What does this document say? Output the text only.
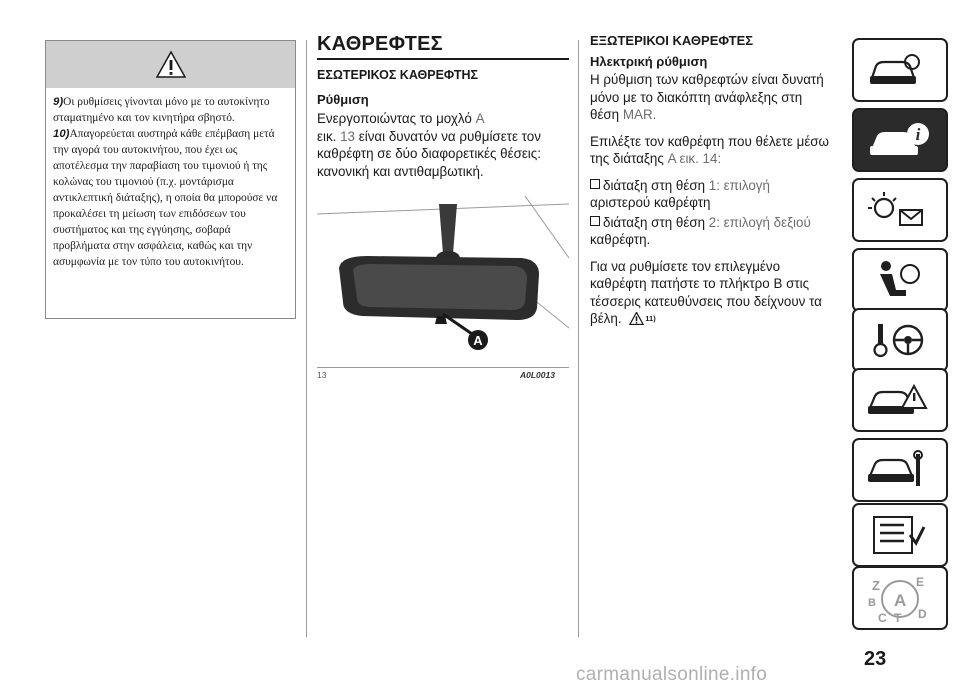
9)Οι ρυθμίσεις γίνονται μόνο με το αυτοκίνητο σταματημένο και τον κινητήρα σβηστό.

10)Απαγορεύεται αυστηρά κάθε επέμβαση μετά την αγορά του αυτοκινήτου, που έχει ως αποτέλεσμα την παραβίαση του τιμονιού ή της κολώνας του τιμονιού (π.χ. μοντάρισμα αντικλεπτική διάταξης), η οποία θα μπορούσε να προκαλέσει τη μείωση των επιδόσεων του συστήματος και της εγγύησης, σοβαρά προβλήματα στην ασφάλεια, καθώς και την ασυμφωνία με τον τύπο του αυτοκινήτου.

ΚΑΘΡΕΦΤΕΣ
ΕΣΩΤΕΡΙΚΟΣ ΚΑΘΡΕΦΤΗΣ
Ρύθμιση

Ενεργοποιώντας το μοχλό A
εικ. 13 είναι δυνατόν να ρυθμίσετε τον καθρέφτη σε δύο διαφορετικές θέσεις: κανονική και αντιθαμβωτική.

A
13	A0L0013
ΕΞΩΤΕΡΙΚΟΙ ΚΑΘΡΕΦΤΕΣ
Ηλεκτρική ρύθμιση

Η ρύθμιση των καθρεφτών είναι δυνατή μόνο με το διακόπτη ανάφλεξης στη θέση MAR.

Επιλέξτε τον καθρέφτη που θέλετε μέσω της διάταξης A εικ. 14:

διάταξη στη θέση 1: επιλογή
αριστερού καθρέφτη
διάταξη στη θέση 2: επιλογή δεξιού
καθρέφτη.

Για να ρυθμίσετε τον επιλεγμένο καθρέφτη πατήστε το πλήκτρο B στις τέσσερις κατευθύνσεις που δείχνουν τα βέλη.	$^{11)}$

i
Z	E
B A
D
C T
23
carmanualsonline.info
